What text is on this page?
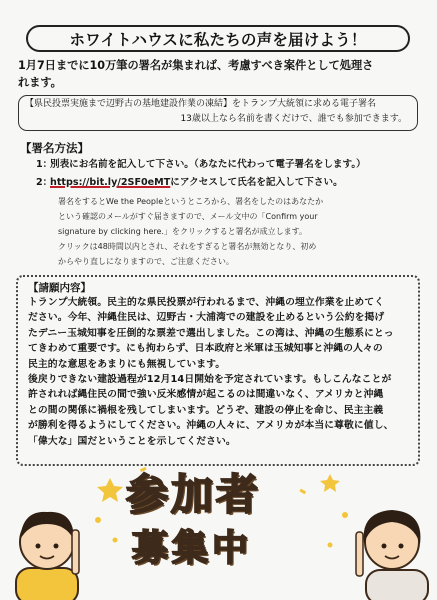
ホワイトハウスに私たちの声を届けよう！
1月7日までに10万筆の署名が集まれば、考慮すべき案件として処理さ
れます。
【県民投票実施まで辺野古の基地建設作業の凍結】をトランプ大統領に求める電子署名
13歳以上なら名前を書くだけで、誰でも参加できます。
【署名方法】
1：別表にお名前を記入して下さい。（あなたに代わって電子署名をします。）
2：https://bit.ly/2SF0eMTにアクセスして氏名を記入して下さい。
署名をするとWe the Peopleというところから、署名をしたのはあなたか
という確認のメールがすぐ届きますので、メール文中の「Confirm your
signature by clicking here.」をクリックすると署名が成立します。
クリックは48時間以内とされ、それをすぎると署名が無効となり、初め
からやり直しになりますので、ご注意ください。
【請願内容】
トランプ大統領。民主的な県民投票が行われるまで、沖縄の埋立作業を止めてく
ださい。今年、沖縄住民は、辺野古・大浦湾での建設を止めるという公約を掲げ
たデニー玉城知事を圧倒的な票差で選出しました。この湾は、沖縄の生態系にとっ
てきわめて重要です。にも拘わらず、日本政府と米軍は玉城知事と沖縄の人々の
民主的な意思をあまりにも無視しています。
後戻りできない建設過程が12月14日開始を予定されています。もしこんなことが
許されれば縄住民の間で強い反米感情が起こるのは間違いなく、アメリカと沖縄
との間の関係に禍根を残してしまいます。どうぞ、建設の停止を命じ、民主主義
が勝利を得るようにしてください。沖縄の人々に、アメリカが本当に尊敬に値し、
「偉大な」国だということを示してください。
参加者
募集中
